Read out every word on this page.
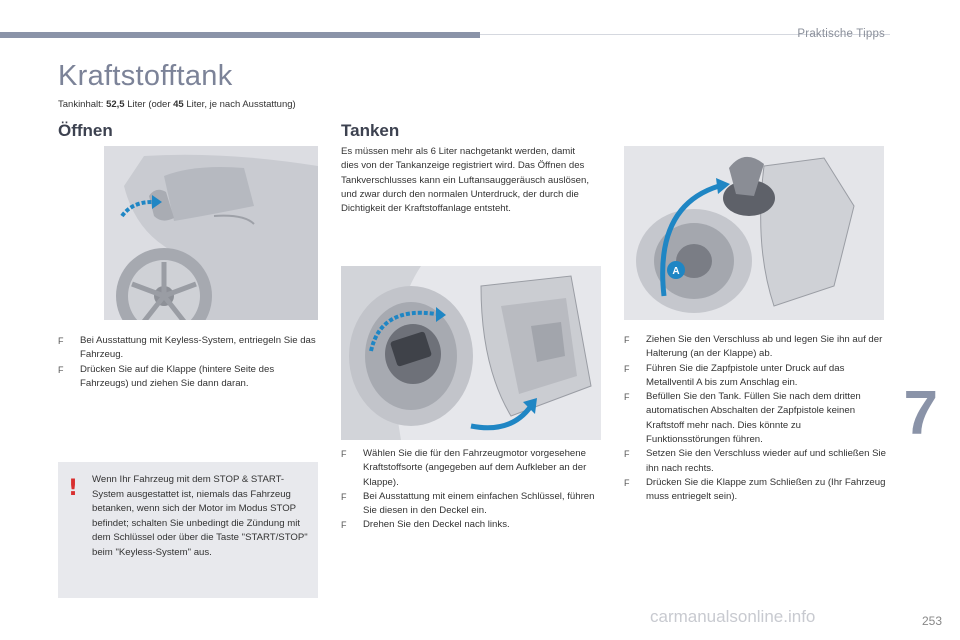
Praktische Tipps
Kraftstofftank
Tankinhalt: 52,5 Liter (oder 45 Liter, je nach Ausstattung)
Öffnen
F Bei Ausstattung mit Keyless-System, entriegeln Sie das Fahrzeug.
F Drücken Sie auf die Klappe (hintere Seite des Fahrzeugs) und ziehen Sie dann daran.
! Wenn Ihr Fahrzeug mit dem STOP & START-System ausgestattet ist, niemals das Fahrzeug betanken, wenn sich der Motor im Modus STOP befindet; schalten Sie unbedingt die Zündung mit dem Schlüssel oder über die Taste "START/STOP" beim "Keyless-System" aus.
Tanken
Es müssen mehr als 6 Liter nachgetankt werden, damit dies von der Tankanzeige registriert wird. Das Öffnen des Tankverschlusses kann ein Luftansauggeräusch auslösen, und zwar durch den normalen Unterdruck, der durch die Dichtigkeit der Kraftstoffanlage entsteht.
F Wählen Sie die für den Fahrzeugmotor vorgesehene Kraftstoffsorte (angegeben auf dem Aufkleber an der Klappe).
F Bei Ausstattung mit einem einfachen Schlüssel, führen Sie diesen in den Deckel ein.
F Drehen Sie den Deckel nach links.
A
F Ziehen Sie den Verschluss ab und legen Sie ihn auf der Halterung (an der Klappe) ab.
F Führen Sie die Zapfpistole unter Druck auf das Metallventil A bis zum Anschlag ein.
F Befüllen Sie den Tank. Füllen Sie nach dem dritten automatischen Abschalten der Zapfpistole keinen Kraftstoff mehr nach. Dies könnte zu Funktionsstörungen führen.
F Setzen Sie den Verschluss wieder auf und schließen Sie ihn nach rechts.
F Drücken Sie die Klappe zum Schließen zu (Ihr Fahrzeug muss entriegelt sein).
7
carmanualsonline.info	253
